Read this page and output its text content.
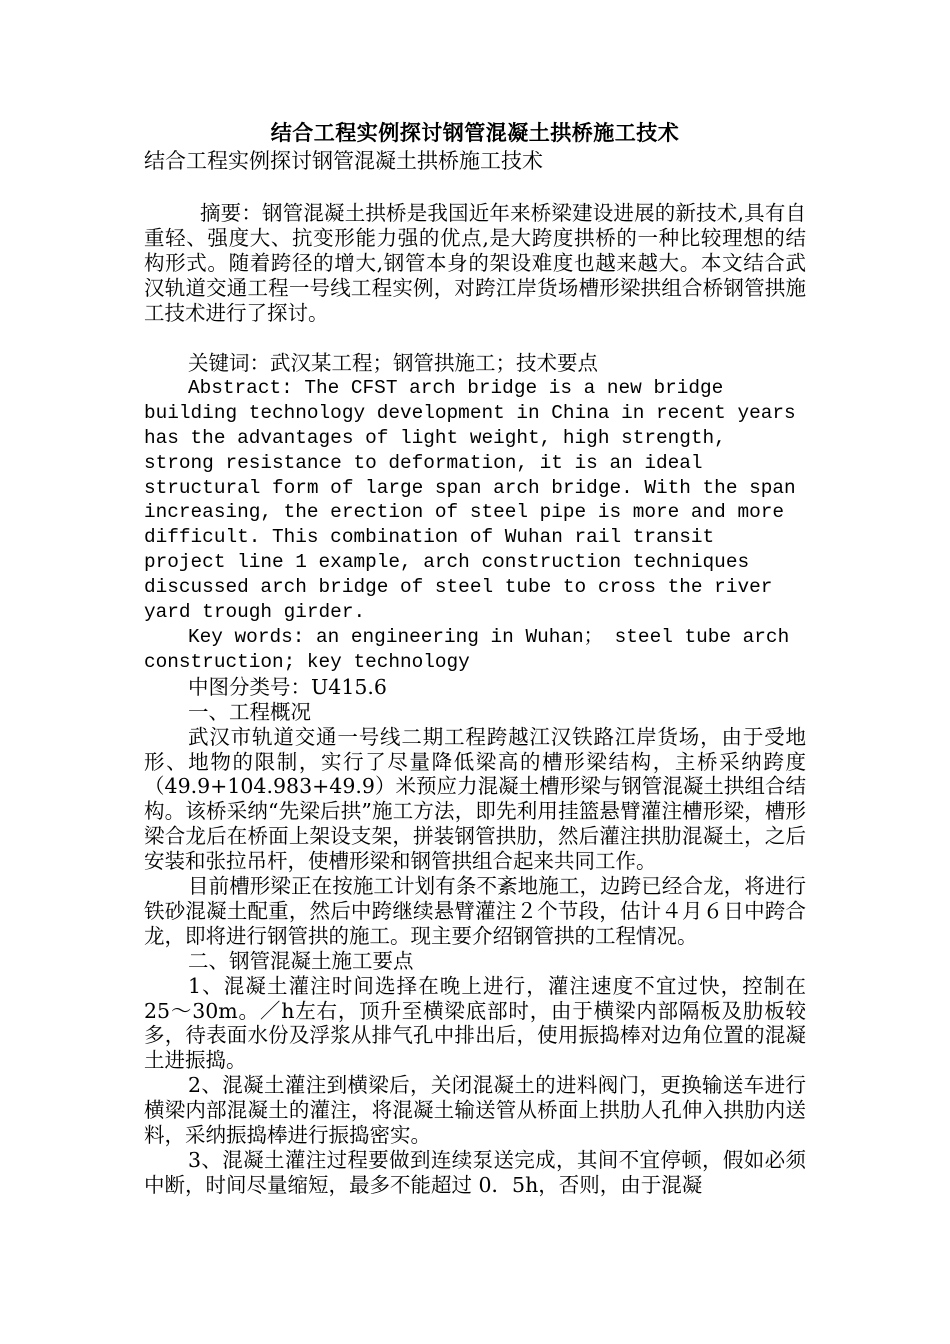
结合工程实例探讨钢管混凝土拱桥施工技术
结合工程实例探讨钢管混凝土拱桥施工技术

摘要：钢管混凝土拱桥是我国近年来桥梁建设进展的新技术,具有自重轻、强度大、抗变形能力强的优点,是大跨度拱桥的一种比较理想的结构形式。随着跨径的增大,钢管本身的架设难度也越来越大。本文结合武汉轨道交通工程一号线工程实例，对跨江岸货场槽形梁拱组合桥钢管拱施工技术进行了探讨。

关键词：武汉某工程；钢管拱施工；技术要点

Abstract: The CFST arch bridge is a new bridge building technology development in China in recent years has the advantages of light weight, high strength, strong resistance to deformation, it is an ideal structural form of large span arch bridge. With the span increasing, the erection of steel pipe is more and more difficult. This combination of Wuhan rail transit project line 1 example, arch construction techniques discussed arch bridge of steel tube to cross the river yard trough girder.

Key words: an engineering in Wuhan； steel tube arch construction; key technology

中图分类号：U415.6

一、工程概况

武汉市轨道交通一号线二期工程跨越江汉铁路江岸货场，由于受地形、地物的限制，实行了尽量降低梁高的槽形梁结构，主桥采纳跨度（49.9+104.983+49.9）米预应力混凝土槽形梁与钢管混凝土拱组合结构。该桥采纳“先梁后拱”施工方法，即先利用挂篮悬臂灌注槽形梁，槽形梁合龙后在桥面上架设支架，拼装钢管拱肋，然后灌注拱肋混凝土，之后安装和张拉吊杆，使槽形梁和钢管拱组合起来共同工作。

目前槽形梁正在按施工计划有条不紊地施工，边跨已经合龙，将进行铁砂混凝土配重，然后中跨继续悬臂灌注２个节段，估计４月６日中跨合龙，即将进行钢管拱的施工。现主要介绍钢管拱的工程情况。

二、钢管混凝土施工要点

1、混凝土灌注时间选择在晚上进行，灌注速度不宜过快，控制在 25～30m。／h左右，顶升至横梁底部时，由于横梁内部隔板及肋板较多，待表面水份及浮浆从排气孔中排出后，使用振捣棒对边角位置的混凝土进振捣。

2、混凝土灌注到横梁后，关闭混凝土的进料阀门，更换输送车进行横梁内部混凝土的灌注，将混凝土输送管从桥面上拱肋人孔伸入拱肋内送料，采纳振捣棒进行振捣密实。

3、混凝土灌注过程要做到连续泵送完成，其间不宜停顿，假如必须中断，时间尽量缩短，最多不能超过 0．5h，否则，由于混凝
